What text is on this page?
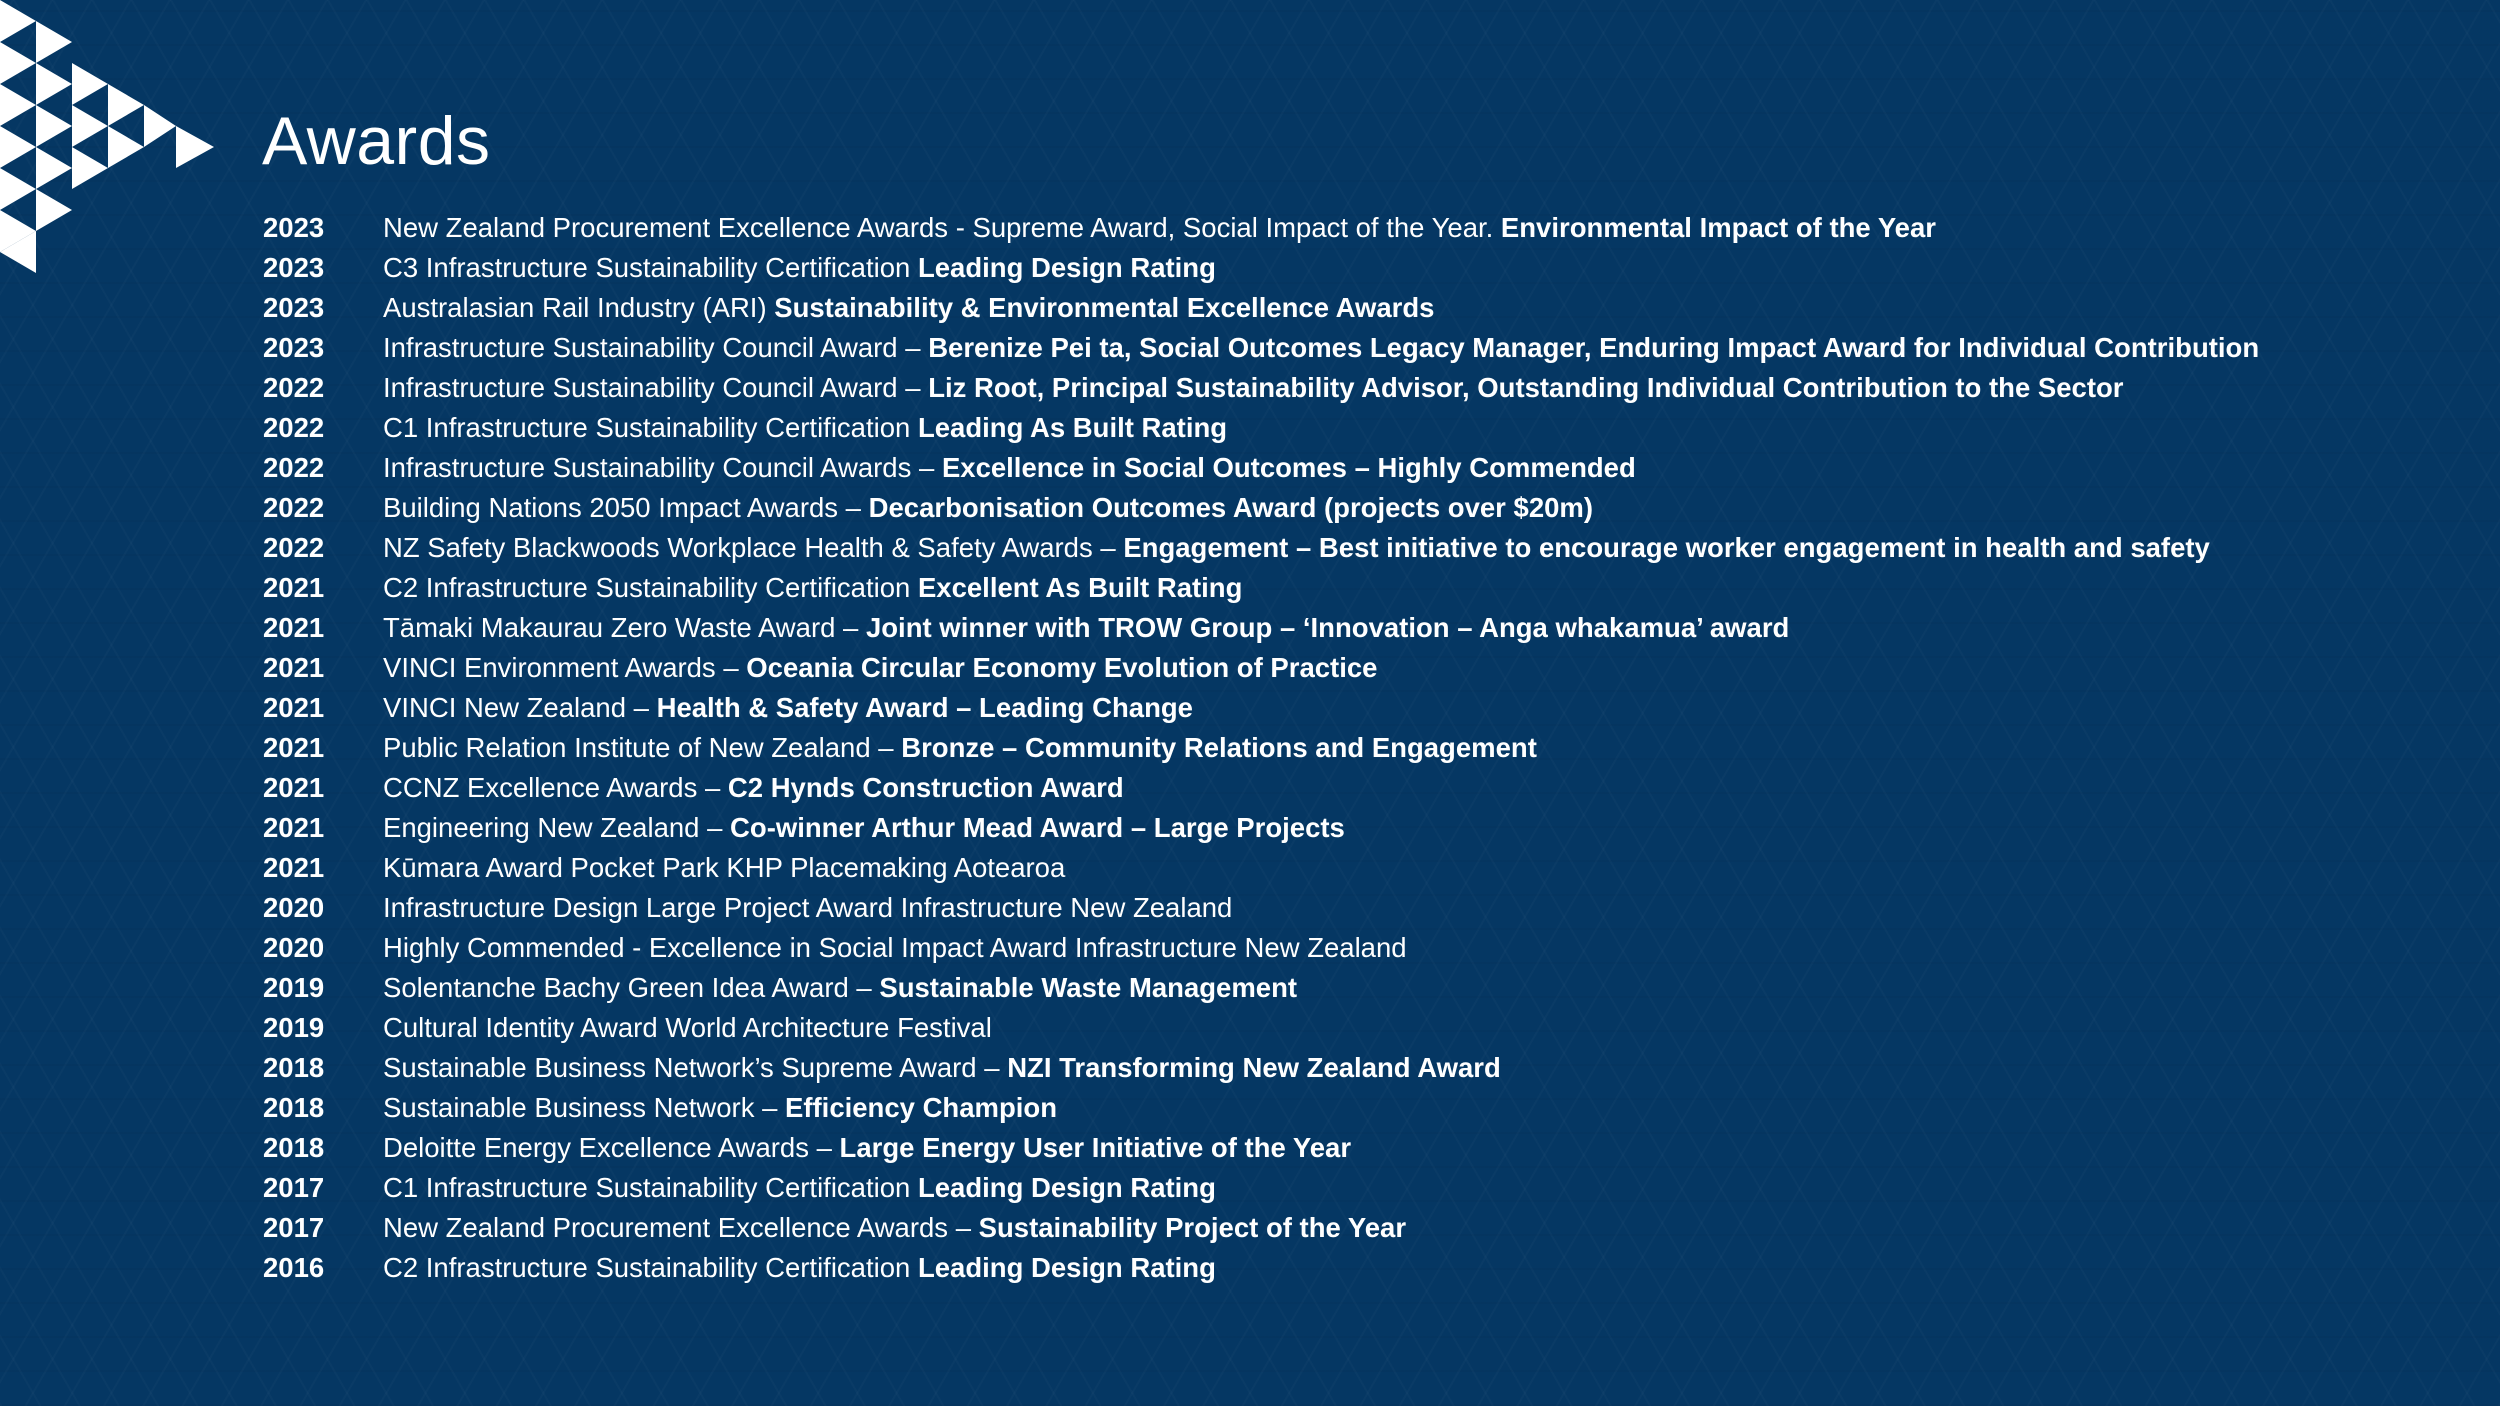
Awards
2023	New Zealand Procurement Excellence Awards - Supreme Award, Social Impact of the Year. Environmental Impact of the Year
2023	C3 Infrastructure Sustainability Certification Leading Design Rating
2023	Australasian Rail Industry (ARI) Sustainability & Environmental Excellence Awards
2023	Infrastructure Sustainability Council Award – Berenize Pei ta, Social Outcomes Legacy Manager, Enduring Impact Award for Individual Contribution
2022	Infrastructure Sustainability Council Award – Liz Root, Principal Sustainability Advisor, Outstanding Individual Contribution to the Sector
2022	C1 Infrastructure Sustainability Certification Leading As Built Rating
2022	Infrastructure Sustainability Council Awards – Excellence in Social Outcomes – Highly Commended
2022	Building Nations 2050 Impact Awards – Decarbonisation Outcomes Award (projects over $20m)
2022	NZ Safety Blackwoods Workplace Health & Safety Awards – Engagement – Best initiative to encourage worker engagement in health and safety
2021	C2 Infrastructure Sustainability Certification Excellent As Built Rating
2021	Tāmaki Makaurau Zero Waste Award – Joint winner with TROW Group – ‘Innovation – Anga whakamua’ award
2021	VINCI Environment Awards – Oceania Circular Economy Evolution of Practice
2021	VINCI New Zealand – Health & Safety Award – Leading Change
2021	Public Relation Institute of New Zealand – Bronze – Community Relations and Engagement
2021	CCNZ Excellence Awards – C2 Hynds Construction Award
2021	Engineering New Zealand – Co-winner Arthur Mead Award – Large Projects
2021	Kūmara Award Pocket Park KHP Placemaking Aotearoa
2020	Infrastructure Design Large Project Award Infrastructure New Zealand
2020	Highly Commended - Excellence in Social Impact Award Infrastructure New Zealand
2019	Solentanche Bachy Green Idea Award – Sustainable Waste Management
2019	Cultural Identity Award World Architecture Festival
2018	Sustainable Business Network’s Supreme Award – NZI Transforming New Zealand Award
2018	Sustainable Business Network – Efficiency Champion
2018	Deloitte Energy Excellence Awards – Large Energy User Initiative of the Year
2017	C1 Infrastructure Sustainability Certification Leading Design Rating
2017	New Zealand Procurement Excellence Awards – Sustainability Project of the Year
2016	C2 Infrastructure Sustainability Certification Leading Design Rating
